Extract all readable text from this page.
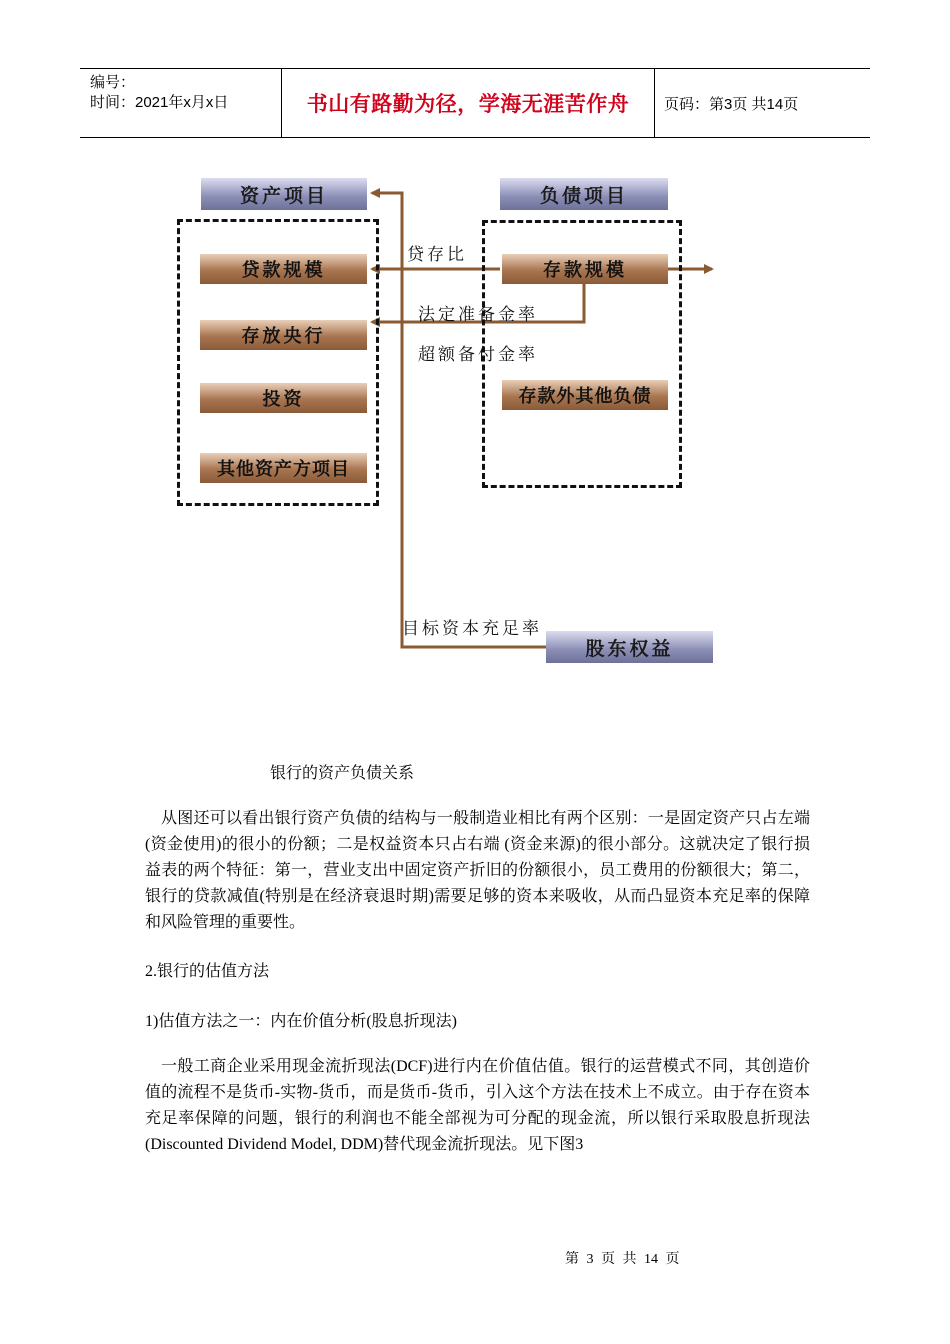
编号：
时间：2021年x月x日	书山有路勤为径，学海无涯苦作舟	页码：第3页 共14页
资产项目	负债项目
贷款规模
存放央行
投资
其他资产方项目
存款规模
存款外其他负债
股东权益
贷存比
法定准备金率
超额备付金率
目标资本充足率
银行的资产负债关系
从图还可以看出银行资产负债的结构与一般制造业相比有两个区别：一是固定资产只占左端(资金使用)的很小的份额；二是权益资本只占右端 (资金来源)的很小部分。这就决定了银行损益表的两个特征：第一，营业支出中固定资产折旧的份额很小，员工费用的份额很大；第二，银行的贷款减值(特别是在经济衰退时期)需要足够的资本来吸收，从而凸显资本充足率的保障和风险管理的重要性。
2.银行的估值方法
1)估值方法之一：内在价值分析(股息折现法)
一般工商企业采用现金流折现法(DCF)进行内在价值估值。银行的运营模式不同，其创造价值的流程不是货币-实物-货币，而是货币-货币，引入这个方法在技术上不成立。由于存在资本充足率保障的问题，银行的利润也不能全部视为可分配的现金流，所以银行采取股息折现法(Discounted Dividend Model, DDM)替代现金流折现法。见下图3
第 3 页 共 14 页
